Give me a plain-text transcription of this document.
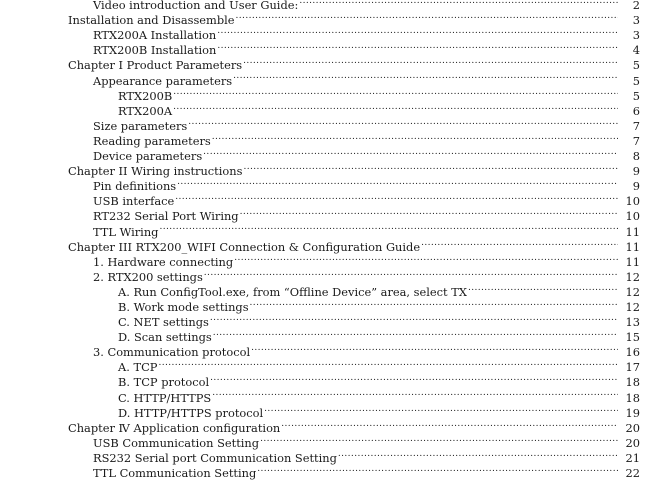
Video introduction and User Guide: .....	2
Installation and Disassemble .....	3
RTX200A Installation .....	3
RTX200B Installation .....	4
Chapter I Product Parameters .....	5
Appearance parameters .....	5
RTX200B .....	5
RTX200A .....	6
Size parameters .....	7
Reading parameters .....	7
Device parameters .....	8
Chapter II Wiring instructions .....	9
Pin definitions .....	9
USB interface .....	10
RT232 Serial Port Wiring .....	10
TTL Wiring .....	11
Chapter III RTX200_WIFI Connection & Configuration Guide .....	11
1. Hardware connecting .....	11
2. RTX200 settings .....	12
A. Run ConfigTool.exe, from “Offline Device” area, select TX .....	12
B. Work mode settings .....	12
C. NET settings .....	13
D. Scan settings .....	15
3. Communication protocol .....	16
A. TCP .....	17
B. TCP protocol .....	18
C. HTTP/HTTPS .....	18
D. HTTP/HTTPS protocol .....	19
Chapter Ⅳ Application configuration .....	20
USB Communication Setting .....	20
RS232 Serial port Communication Setting .....	21
TTL Communication Setting .....	22
